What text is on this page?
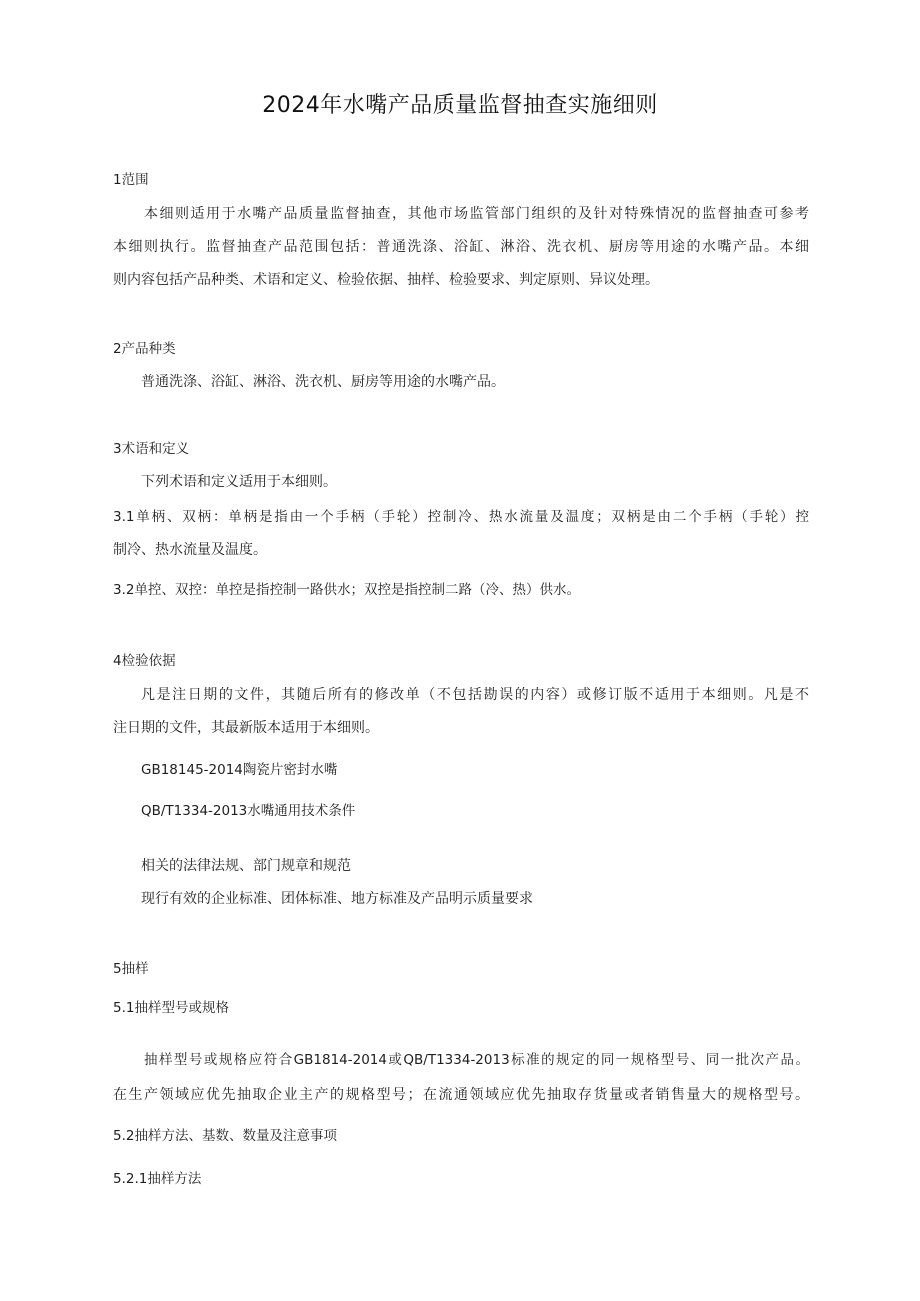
2024年水嘴产品质量监督抽查实施细则
1范围
本细则适用于水嘴产品质量监督抽查，其他市场监管部门组织的及针对特殊情况的监督抽查可参考
本细则执行。监督抽查产品范围包括：普通洗涤、浴缸、淋浴、洗衣机、厨房等用途的水嘴产品。本细
则内容包括产品种类、术语和定义、检验依据、抽样、检验要求、判定原则、异议处理。
2产品种类
普通洗涤、浴缸、淋浴、洗衣机、厨房等用途的水嘴产品。
3术语和定义
下列术语和定义适用于本细则。
3.1单柄、双柄：单柄是指由一个手柄（手轮）控制冷、热水流量及温度；双柄是由二个手柄（手轮）控
制冷、热水流量及温度。
3.2单控、双控：单控是指控制一路供水；双控是指控制二路（冷、热）供水。
4检验依据
凡是注日期的文件，其随后所有的修改单（不包括勘误的内容）或修订版不适用于本细则。凡是不
注日期的文件，其最新版本适用于本细则。
GB18145-2014陶瓷片密封水嘴
QB/T1334-2013水嘴通用技术条件
相关的法律法规、部门规章和规范
现行有效的企业标准、团体标准、地方标准及产品明示质量要求
5抽样
5.1抽样型号或规格
抽样型号或规格应符合GB1814-2014或QB/T1334-2013标准的规定的同一规格型号、同一批次产品。
在生产领域应优先抽取企业主产的规格型号；在流通领域应优先抽取存货量或者销售量大的规格型号。
5.2抽样方法、基数、数量及注意事项
5.2.1抽样方法
